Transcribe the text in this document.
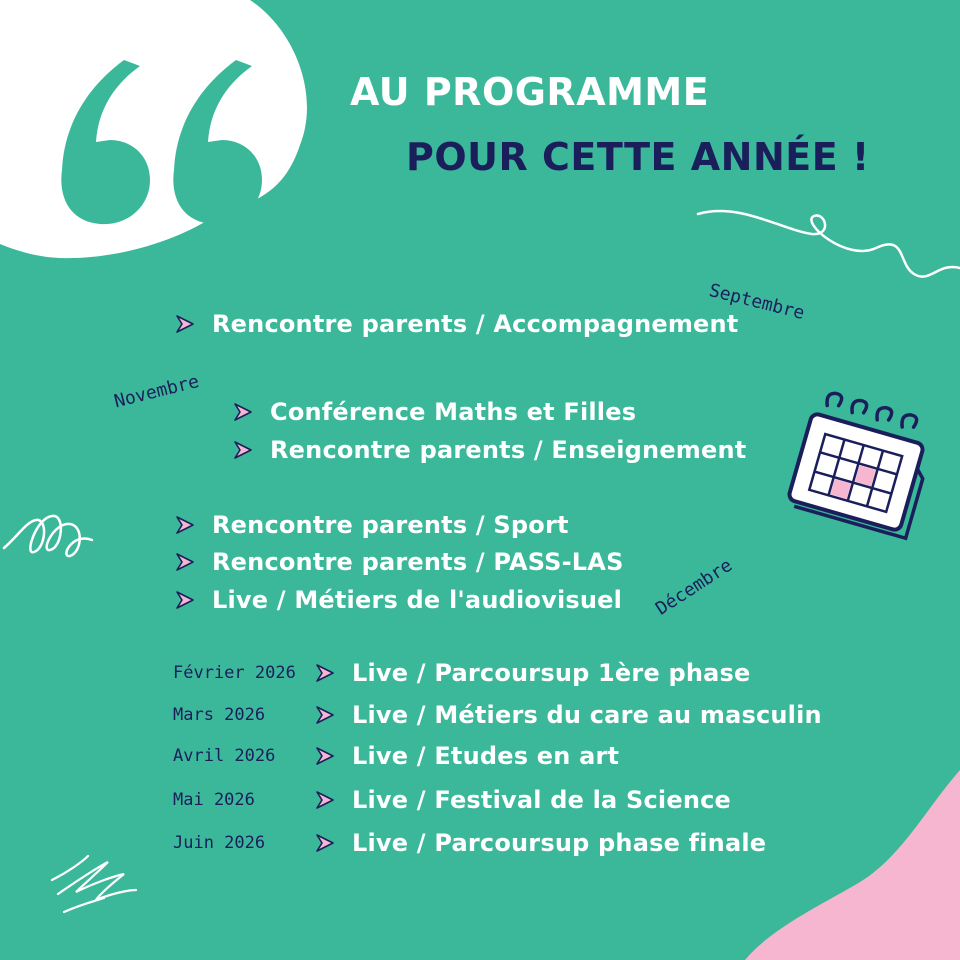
AU PROGRAMME
POUR CETTE ANNÉE !
Septembre
Novembre
Décembre
Rencontre parents / Accompagnement
Conférence Maths et Filles
Rencontre parents / Enseignement
Rencontre parents / Sport
Rencontre parents / PASS-LAS
Live / Métiers de l'audiovisuel
Février 2026 Live / Parcoursup 1ère phase
Mars 2026	Live / Métiers du care au masculin
Avril 2026	Live / Etudes en art
Mai 2026	Live / Festival de la Science
Juin 2026	Live / Parcoursup phase finale
